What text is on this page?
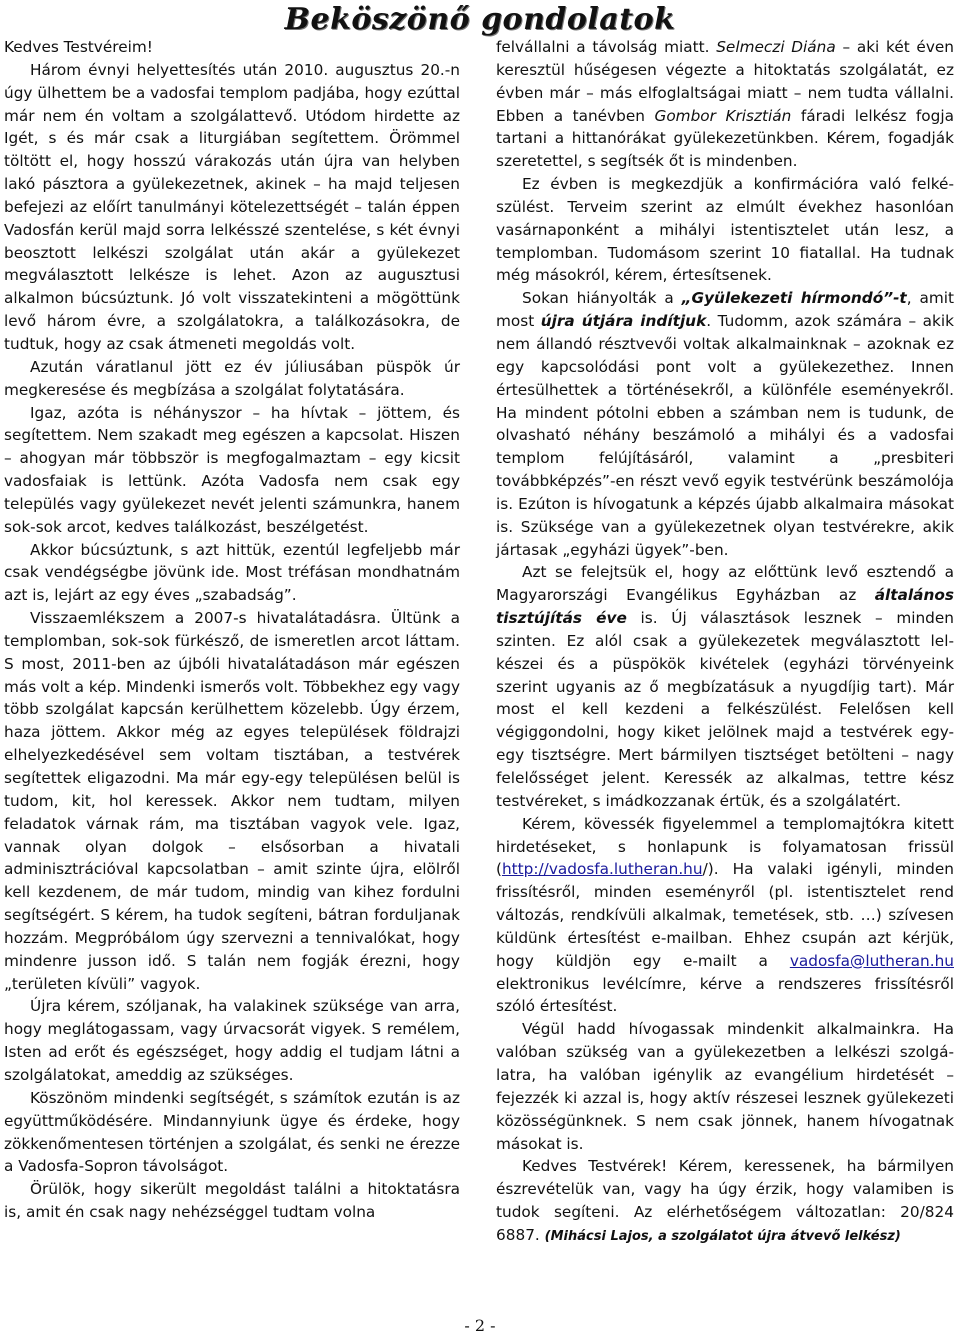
Beköszönő gondolatok

Kedves Testvéreim!

Három évnyi helyettesítés után 2010. augusztus 20.-n úgy ülhettem be a vadosfai templom padjába, hogy ezúttal már nem én voltam a szolgálattevő. Utódom hirdette az Igét, s és már csak a liturgiában segítettem. Örömmel töltött el, hogy hosszú várakozás után újra van helyben lakó pásztora a gyülekezetnek, akinek – ha majd teljesen befejezi az előírt tanulmányi kötelezettségét – talán éppen Vadosfán kerül majd sorra lelkésszé szentelése, s két évnyi beosztott lelkészi szolgálat után akár a gyülekezet megválasztott lelkésze is lehet. Azon az augusztusi alkalmon búcsúztunk. Jó volt visszatekinteni a mögöttünk levő három évre, a szolgálatokra, a találkozásokra, de tudtuk, hogy az csak átmeneti megoldás volt.

Azután váratlanul jött ez év júliusában püspök úr megkeresése és megbízása a szolgálat folytatására.

Igaz, azóta is néhányszor – ha hívtak – jöttem, és segítettem. Nem szakadt meg egészen a kapcsolat. Hiszen – ahogyan már többször is megfogalmaztam – egy kicsit vadosfaiak is lettünk. Azóta Vadosfa nem csak egy település vagy gyülekezet nevét jelenti számunkra, hanem sok-sok arcot, kedves találkozást, beszélgetést.

Akkor búcsúztunk, s azt hittük, ezentúl legfeljebb már csak vendégségbe jövünk ide. Most tréfásan mondhatnám azt is, lejárt az egy éves „szabadság”.

Visszaemlékszem a 2007-s hivatalátadásra. Ültünk a templomban, sok-sok fürkésző, de ismeretlen arcot láttam. S most, 2011-ben az újbóli hivatalátadáson már egészen más volt a kép. Mindenki ismerős volt. Többekhez egy vagy több szolgálat kapcsán kerülhettem közelebb. Úgy érzem, haza jöttem. Akkor még az egyes települések földrajzi elhelyezkedésével sem voltam tisztában, a testvérek segítettek eligazodni. Ma már egy-egy településen belül is tudom, kit, hol keressek. Akkor nem tudtam, milyen feladatok várnak rám, ma tisztában vagyok vele. Igaz, vannak olyan dolgok – elsősorban a hivatali adminisztrációval kapcsolatban – amit szinte újra, elölről kell kezdenem, de már tudom, mindig van kihez fordulni segítségért. S kérem, ha tudok segíteni, bátran forduljanak hozzám. Megpróbálom úgy szervezni a tennivalókat, hogy mindenre jusson idő. S talán nem fogják érezni, hogy „területen kívüli” vagyok.

Újra kérem, szóljanak, ha valakinek szüksége van arra, hogy meglátogassam, vagy úrvacsorát vigyek. S remélem, Isten ad erőt és egészséget, hogy addig el tudjam látni a szolgálatokat, ameddig az szükséges.

Köszönöm mindenki segítségét, s számítok ezután is az együttműködésére. Mindannyiunk ügye és érdeke, hogy zökkenőmentesen történjen a szolgálat, és senki ne érezze a Vadosfa-Sopron távolságot.

Örülök, hogy sikerült megoldást találni a hitoktatásra is, amit én csak nagy nehézséggel tudtam volna

felvállalni a távolság miatt. Selmeczi Diána – aki két éven keresztül hűségesen végezte a hitoktatás szolgálatát, ez évben már – más elfoglaltságai miatt – nem tudta vállalni. Ebben a tanévben Gombor Krisztián fáradi lelkész fogja tartani a hittanórákat gyülekezetünkben. Kérem, fogadják szeretettel, s segítsék őt is mindenben.

Ez évben is megkezdjük a konfirmációra való felkészülést. Terveim szerint az elmúlt évekhez hasonlóan vasárnaponként a mihályi istentisztelet után lesz, a templomban. Tudomásom szerint 10 fiatallal. Ha tudnak még másokról, kérem, értesítsenek.

Sokan hiányolták a „Gyülekezeti hírmondó”-t, amit most újra útjára indítjuk. Tudomm, azok számára – akik nem állandó résztvevői voltak alkalmainknak – azoknak ez egy kapcsolódási pont volt a gyülekezethez. Innen értesülhettek a történésekről, a különféle eseményekről. Ha mindent pótolni ebben a számban nem is tudunk, de olvasható néhány beszámoló a mihályi és a vadosfai templom felújításáról, valamint a „presbiteri továbbképzés”-en részt vevő egyik testvérünk beszámolója is. Ezúton is hívogatunk a képzés újabb alkalmaira másokat is. Szüksége van a gyülekezetnek olyan testvérekre, akik jártasak „egyházi ügyek”-ben.

Azt se felejtsük el, hogy az előttünk levő esztendő a Magyarországi Evangélikus Egyházban az általános tisztújítás éve is. Új választások lesznek – minden szinten. Ez alól csak a gyülekezetek megválasztott lelkészei és a püspökök kivételek (egyházi törvényeink szerint ugyanis az ő megbízatásuk a nyugdíjig tart). Már most el kell kezdeni a felkészülést. Felelősen kell végiggondolni, hogy kiket jelölnek majd a testvérek egy-egy tisztségre. Mert bármilyen tisztséget betölteni – nagy felelősséget jelent. Keressék az alkalmas, tettre kész testvéreket, s imádkozzanak értük, és a szolgálatért.

Kérem, kövessék figyelemmel a templomajtókra kitett hirdetéseket, s honlapunk is folyamatosan frissül (http://vadosfa.lutheran.hu/). Ha valaki igényli, minden frissítésről, minden eseményről (pl. istentisztelet rend változás, rendkívüli alkalmak, temetések, stb. …) szívesen küldünk értesítést e-mailban. Ehhez csupán azt kérjük, hogy küldjön egy e-mailt a vadosfa@lutheran.hu elektronikus levélcímre, kérve a rendszeres frissítésről szóló értesítést.

Végül hadd hívogassak mindenkit alkalmainkra. Ha valóban szükség van a gyülekezetben a lelkészi szolgálatra, ha valóban igénylik az evangélium hirdetését – fejezzék ki azzal is, hogy aktív részesei lesznek gyülekezeti közösségünknek. S nem csak jönnek, hanem hívogatnak másokat is.

Kedves Testvérek! Kérem, keressenek, ha bármilyen észrevételük van, vagy ha úgy érzik, hogy valamiben is tudok segíteni. Az elérhetőségem változatlan: 20/824 6887. (Mihácsi Lajos, a szolgálatot újra átvevő lelkész)

- 2 -
